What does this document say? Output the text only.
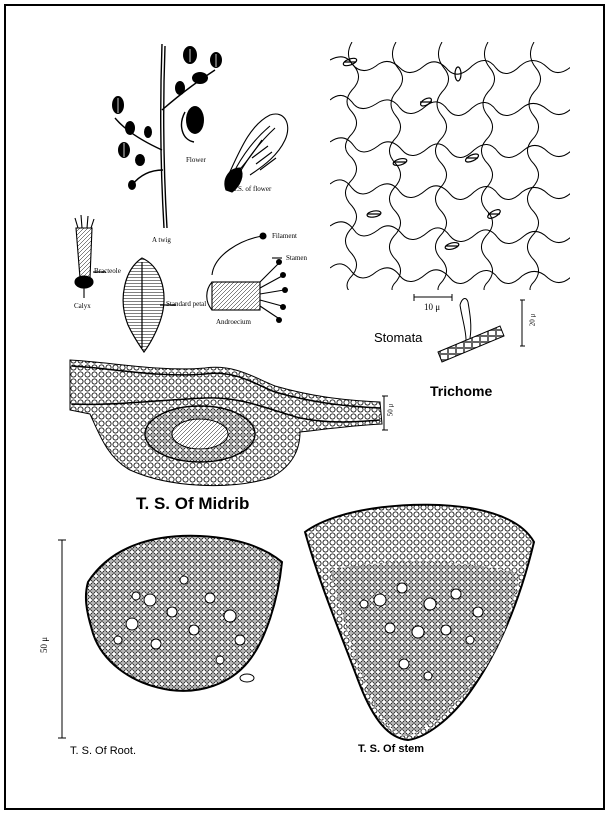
A twig
Flower
L.S. of flower
Calyx
Bracteole
Standard petal
Androecium
Filament
Stamen
10 μ
20 μ
50 μ
50 μ
Stomata
Trichome
T. S. Of Midrib
T. S. Of Root.	T. S. Of stem
